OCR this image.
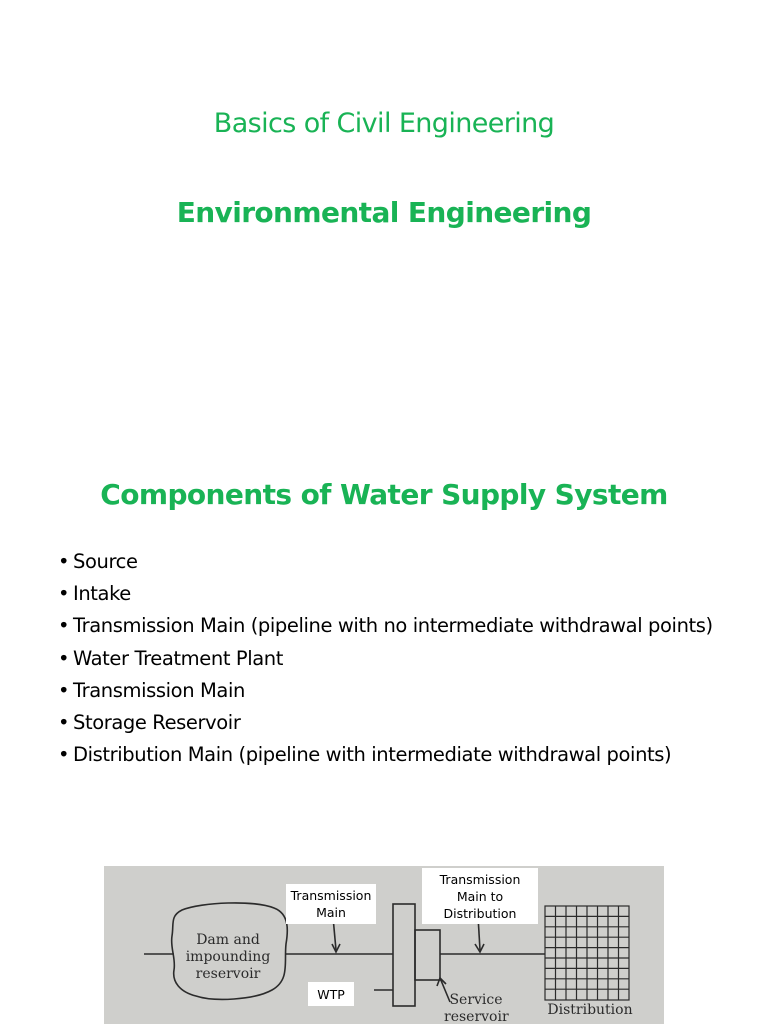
Basics of Civil Engineering
Environmental Engineering
Components of Water Supply System
• Source
• Intake
• Transmission Main (pipeline with no intermediate withdrawal points)
• Water Treatment Plant
• Transmission Main
• Storage Reservoir
• Distribution Main (pipeline with intermediate withdrawal points)
Dam and
impounding
reservoir
Service
reservoir	Distribution
Transmission
Main
Transmission
Main to
Distribution
WTP
